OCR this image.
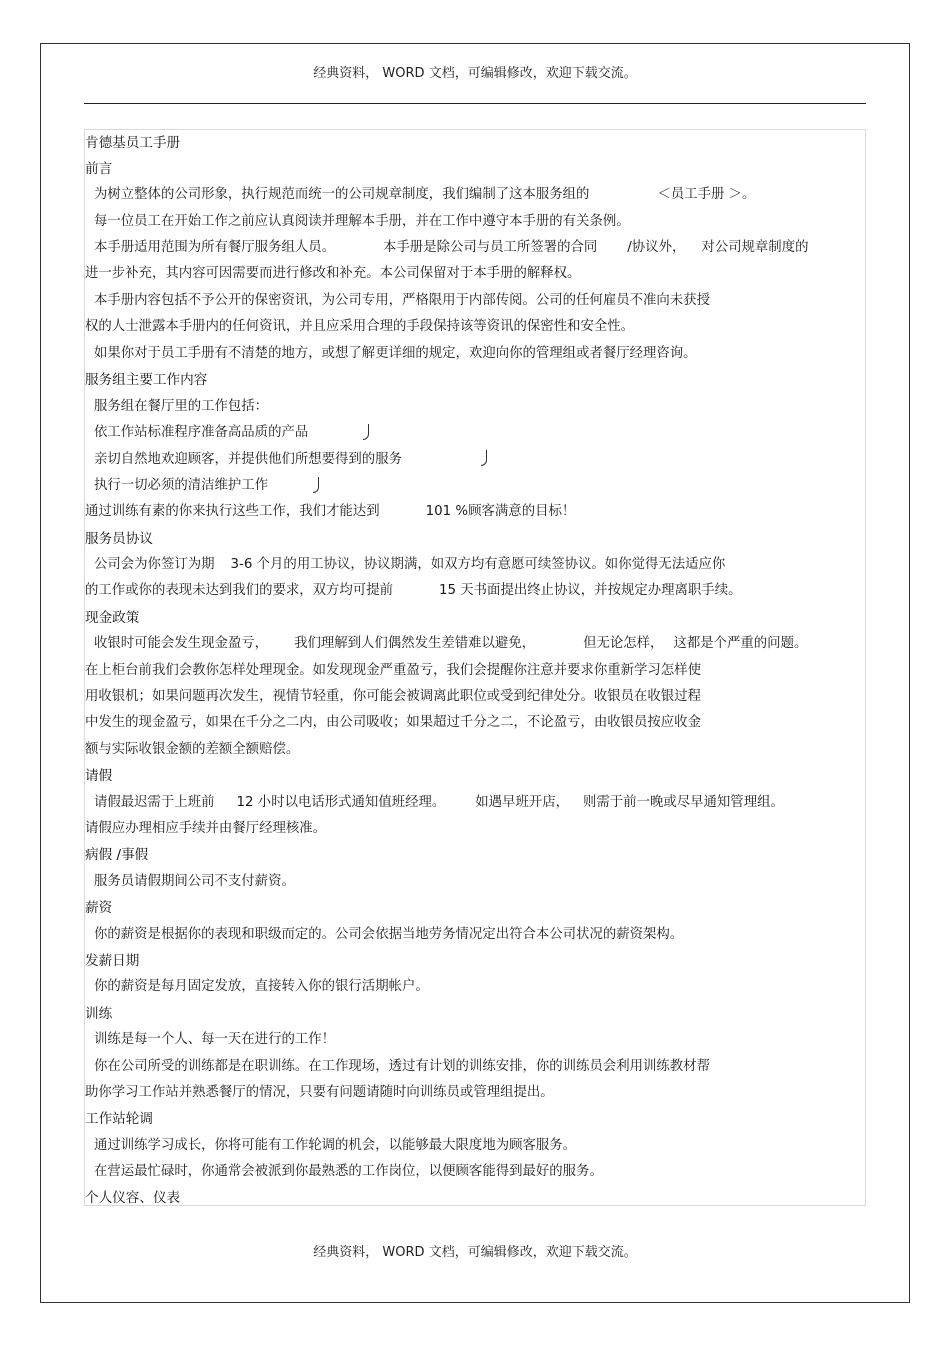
经典资料， WORD 文档，可编辑修改，欢迎下载交流。
肯德基员工手册
前言
为树立整体的公司形象，执行规范而统一的公司规章制度，我们编制了这本服务组的	＜员工手册 ＞。
每一位员工在开始工作之前应认真阅读并理解本手册，并在工作中遵守本手册的有关条例。
本手册适用范围为所有餐厅服务组人员。	本手册是除公司与员工所签署的合同 /协议外， 对公司规章制度的
进一步补充，其内容可因需要而进行修改和补充。本公司保留对于本手册的解释权。
本手册内容包括不予公开的保密资讯，为公司专用，严格限用于内部传阅。公司的任何雇员不准向未获授
权的人士泄露本手册内的任何资讯，并且应采用合理的手段保持该等资讯的保密性和安全性。
如果你对于员工手册有不清楚的地方，或想了解更详细的规定，欢迎向你的管理组或者餐厅经理咨询。
服务组主要工作内容
服务组在餐厅里的工作包括：
依工作站标准程序准备高品质的产品
亲切自然地欢迎顾客，并提供他们所想要得到的服务
执行一切必须的清洁维护工作
通过训练有素的你来执行这些工作，我们才能达到	101 %顾客满意的目标！
服务员协议
公司会为你签订为期 3-6 个月的用工协议，协议期满，如双方均有意愿可续签协议。如你觉得无法适应你
的工作或你的表现未达到我们的要求，双方均可提前	15 天书面提出终止协议，并按规定办理离职手续。
现金政策
收银时可能会发生现金盈亏， 我们理解到人们偶然发生差错难以避免，	但无论怎样， 这都是个严重的问题。
在上柜台前我们会教你怎样处理现金。如发现现金严重盈亏，我们会提醒你注意并要求你重新学习怎样使
用收银机；如果问题再次发生，视情节轻重，你可能会被调离此职位或受到纪律处分。收银员在收银过程
中发生的现金盈亏，如果在千分之二内，由公司吸收；如果超过千分之二，不论盈亏，由收银员按应收金
额与实际收银金额的差额全额赔偿。
请假
请假最迟需于上班前 12 小时以电话形式通知值班经理。 如遇早班开店， 则需于前一晚或尽早通知管理组。
请假应办理相应手续并由餐厅经理核准。
病假 /事假
服务员请假期间公司不支付薪资。
薪资
你的薪资是根据你的表现和职级而定的。公司会依据当地劳务情况定出符合本公司状况的薪资架构。
发薪日期
你的薪资是每月固定发放，直接转入你的银行活期帐户。
训练
训练是每一个人、每一天在进行的工作！
你在公司所受的训练都是在职训练。在工作现场，透过有计划的训练安排，你的训练员会利用训练教材帮
助你学习工作站并熟悉餐厅的情况，只要有问题请随时向训练员或管理组提出。
工作站轮调
通过训练学习成长，你将可能有工作轮调的机会，以能够最大限度地为顾客服务。
在营运最忙碌时，你通常会被派到你最熟悉的工作岗位，以便顾客能得到最好的服务。
个人仪容、仪表
经典资料， WORD 文档，可编辑修改，欢迎下载交流。
